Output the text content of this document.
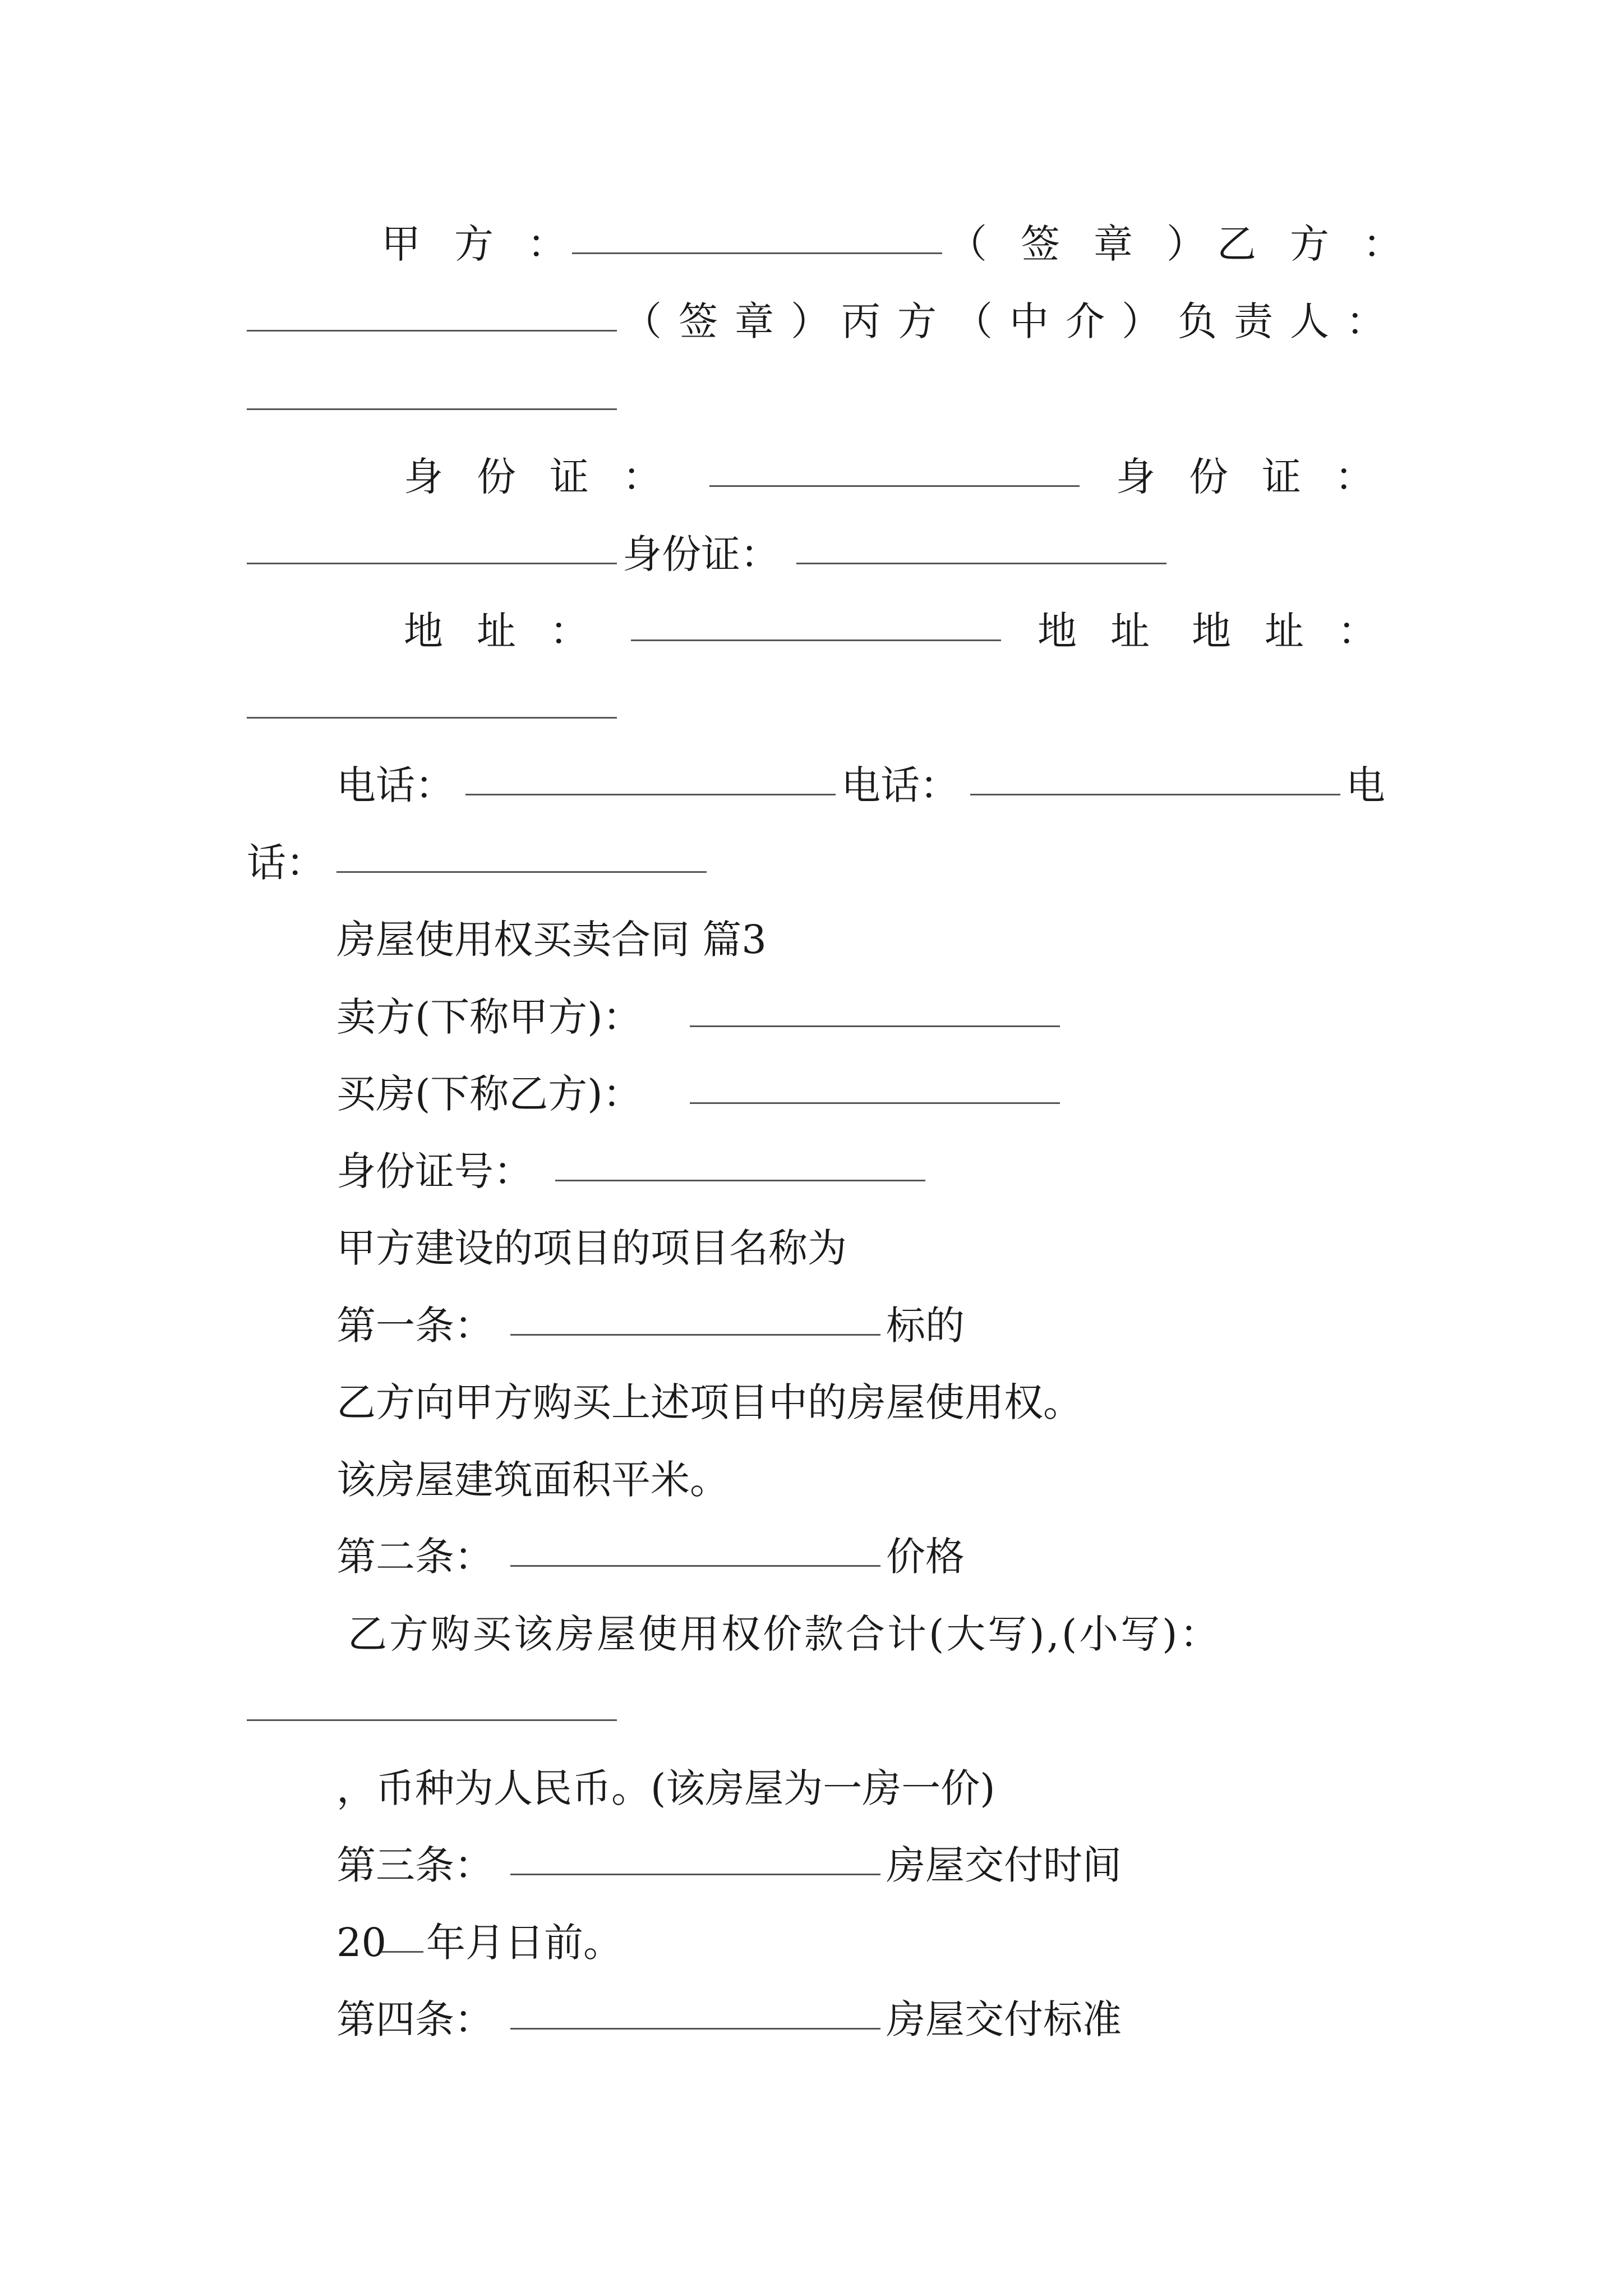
甲方：	（签章）
乙方：
（签章）
丙方（中介）负责人：
身份证：	身份证：
身份证：
地址：	地址 地址：
电话：	电话：	电
话：
房屋使用权买卖合同 篇3
卖方(下称甲方)：
买房(下称乙方)：
身份证号：
甲方建设的项目的项目名称为
第一条：	标的
乙方向甲方购买上述项目中的房屋使用权。
该房屋建筑面积平米。
第二条：	价格
乙方购买该房屋使用权价款合计(大写),(小写)：
，币种为人民币。(该房屋为一房一价)
第三条：	房屋交付时间
20 年月日前。
第四条：	房屋交付标准
